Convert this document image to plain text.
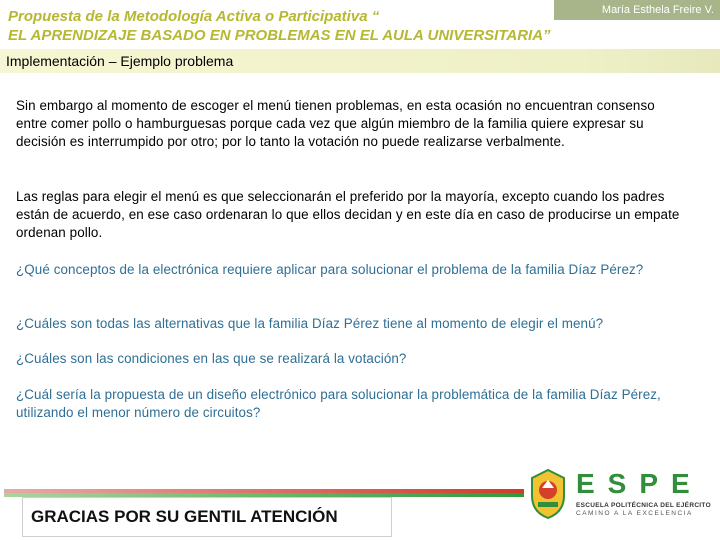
María Esthela Freire V.
Propuesta de la Metodología Activa o Participativa “
EL APRENDIZAJE BASADO EN PROBLEMAS EN EL AULA UNIVERSITARIA”
Implementación – Ejemplo problema

Sin embargo al momento de escoger el menú tienen problemas, en esta ocasión no encuentran consenso entre comer pollo o hamburguesas porque cada vez que algún miembro de la familia quiere expresar su decisión es interrumpido por otro; por lo tanto la votación no puede realizarse verbalmente.

Las reglas para elegir el menú es que seleccionarán el preferido por la mayoría, excepto cuando los padres están de acuerdo, en ese caso ordenaran lo que ellos decidan y en este día en caso de producirse un empate ordenan pollo.

¿Qué conceptos de la electrónica requiere aplicar para solucionar el problema de la familia Díaz Pérez?

¿Cuáles son todas las alternativas que la familia Díaz Pérez tiene al momento de elegir el menú?

¿Cuáles son las condiciones en las que se realizará la votación?

¿Cuál sería la propuesta de un diseño electrónico para solucionar la problemática de la familia Díaz Pérez, utilizando el menor número de circuitos?

GRACIAS POR SU GENTIL ATENCIÓN
ESPE
ESCUELA POLITÉCNICA DEL EJÉRCITO
CAMINO A LA EXCELENCIA
